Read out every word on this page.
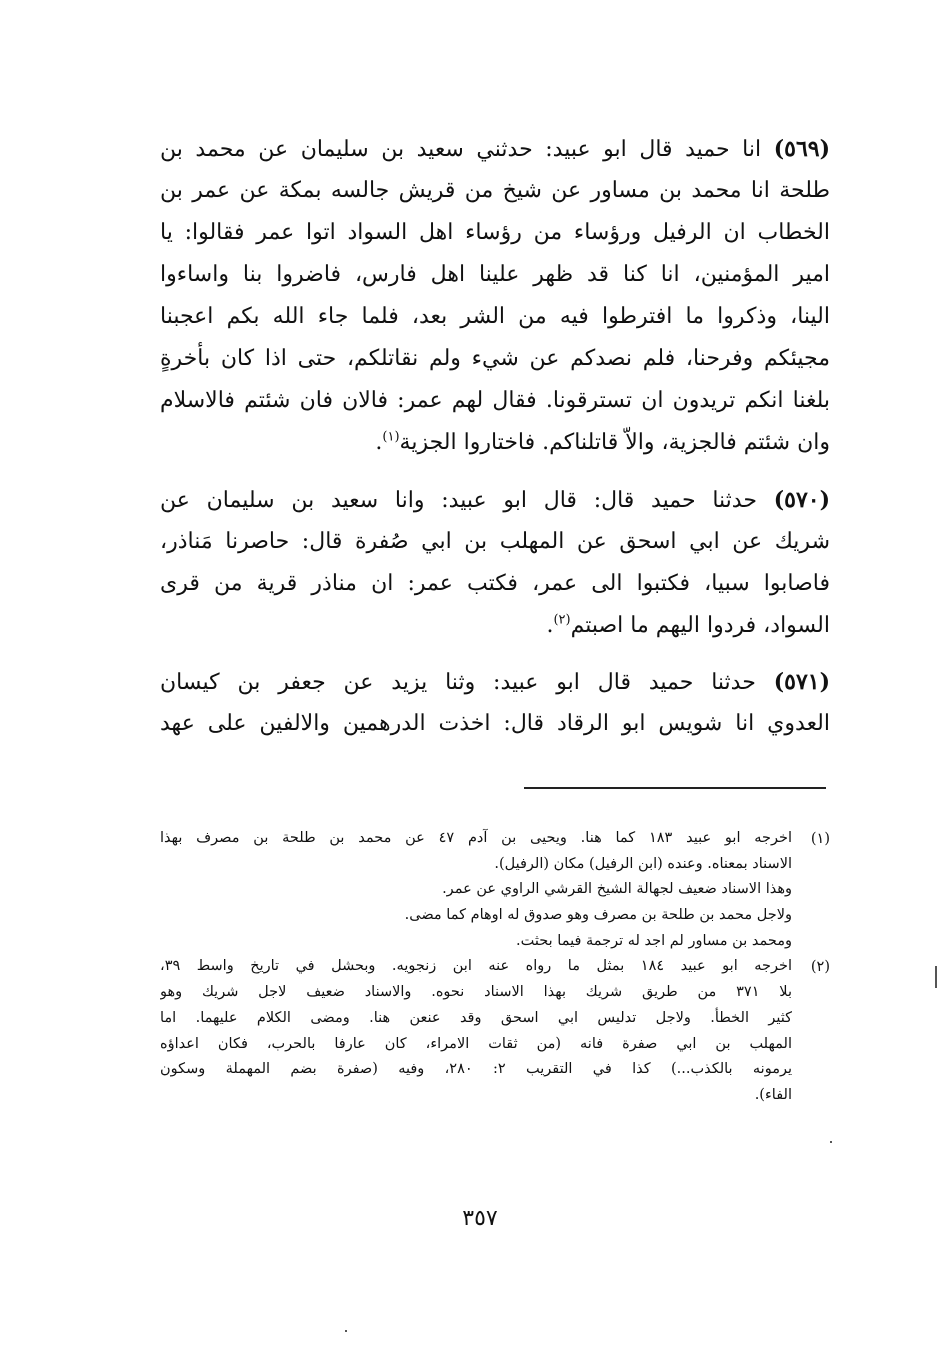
(٥٦٩) انا حميد قال ابو عبيد: حدثني سعيد بن سليمان عن محمد بن
طلحة انا محمد بن مساور عن شيخ من قريش جالسه بمكة عن عمر بن
الخطاب ان الرفيل ورؤساء من رؤساء اهل السواد اتوا عمر فقالوا: يا
امير المؤمنين، انا كنا قد ظهر علينا اهل فارس، فاضروا بنا واساءوا
الينا، وذكروا ما افترطوا فيه من الشر بعد، فلما جاء الله بكم اعجبنا
مجيئكم وفرحنا، فلم نصدكم عن شيء ولم نقاتلكم، حتى اذا كان بأخرةٍ
بلغنا انكم تريدون ان تسترقونا. فقال لهم عمر: فالان فان شئتم فالاسلام
وان شئتم فالجزية، والاّ قاتلناكم. فاختاروا الجزية$^{(١)}$.
(٥٧٠) حدثنا حميد قال: قال ابو عبيد: وانا سعيد بن سليمان عن
شريك عن ابي اسحق عن المهلب بن ابي صُفرة قال: حاصرنا مَناذر،
فاصابوا سبيا، فكتبوا الى عمر، فكتب عمر: ان مناذر قرية من قرى
السواد، فردوا اليهم ما اصبتم$^{(٢)}$.
(٥٧١) حدثنا حميد قال ابو عبيد: وثنا يزيد عن جعفر بن كيسان
العدوي انا شويس ابو الرقاد قال: اخذت الدرهمين والالفين على عهد
(١)
اخرجه ابو عبيد ١٨٣ كما هنا. ويحيى بن آدم ٤٧ عن محمد بن طلحة بن مصرف بهذا
الاسناد بمعناه. وعنده (ابن الرفيل) مكان (الرفيل).
وهذا الاسناد ضعيف لجهالة الشيخ القرشي الراوي عن عمر.
ولاجل محمد بن طلحة بن مصرف وهو صدوق له اوهام كما مضى.
ومحمد بن مساور لم اجد له ترجمة فيما بحثت.
(٢)
اخرجه ابو عبيد ١٨٤ بمثل ما رواه عنه ابن زنجويه. وبحشل في تاريخ واسط ٣٩،
بلا ٣٧١ من طريق شريك بهذا الاسناد نحوه. والاسناد ضعيف لاجل شريك وهو
كثير الخطأ. ولاجل تدليس ابي اسحق وقد عنعن هنا. ومضى الكلام عليهما. اما
المهلب بن ابي صفرة فانه (من ثقات الامراء، كان عارفا بالحرب، فكان اعداؤه
يرمونه بالكذب...) كذا في التقريب ٢: ٢٨٠، وفيه (صفرة بضم المهملة وسكون
الفاء).
٣٥٧
